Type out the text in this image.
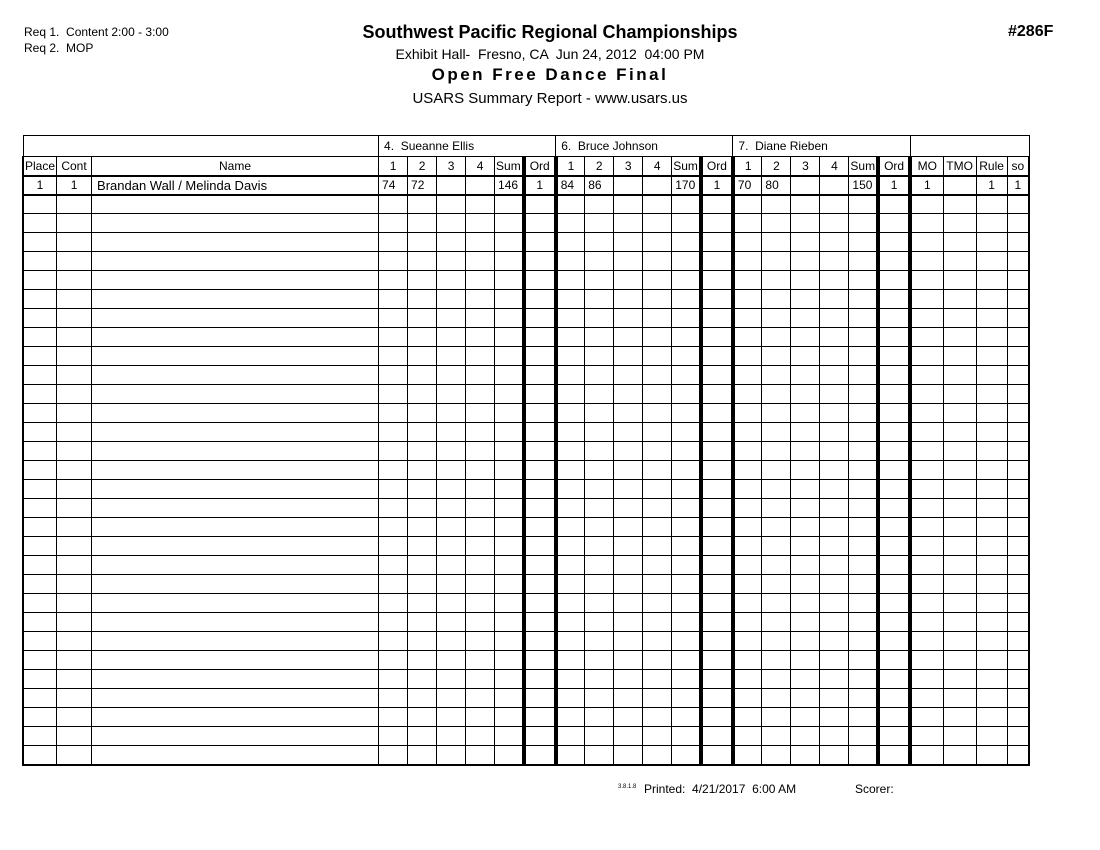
Req 1.  Content 2:00 - 3:00
Req 2.  MOP
Southwest Pacific Regional Championships
Exhibit Hall-  Fresno, CA  Jun 24, 2012  04:00 PM
Open Free Dance Final
USARS Summary Report - www.usars.us
#286F
			4.  Sueanne Ellis						6.  Bruce Johnson						7.  Diane Rieben									
Place	Cont	Name	1	2	3	4	Sum	Ord	1	2	3	4	Sum	Ord	1	2	3	4	Sum	Ord	MO	TMO	Rule	so
1	1	Brandan Wall / Melinda Davis	74	72			146	1	84	86			170	1	70	80			150	1	1		1	1

3.8.1.8 Printed:  4/21/2017  6:00 AM	Scorer:
